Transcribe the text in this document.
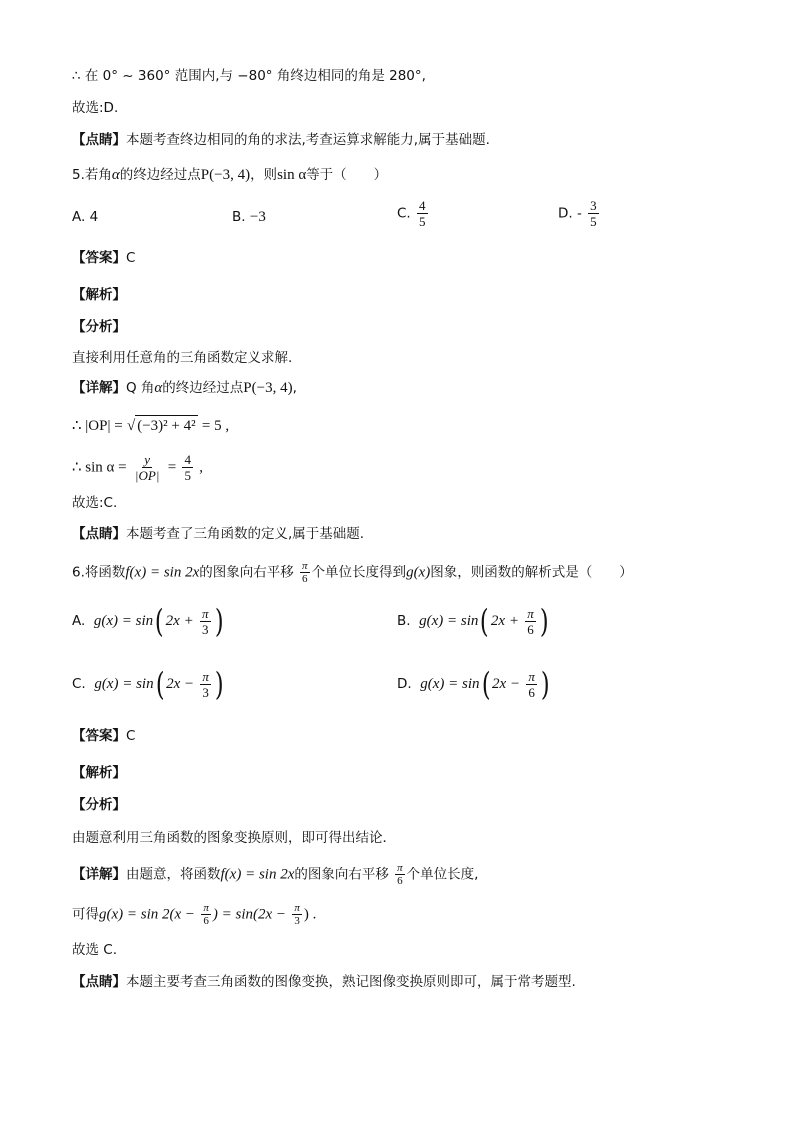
∴ 在 0° ~ 360° 范围内,与 −80° 角终边相同的角是 280°,
故选:D.
【点睛】本题考查终边相同的角的求法,考查运算求解能力,属于基础题.
5.若角α的终边经过点P(−3, 4)，则sin α等于（　　）
A. 4	B. −3	C. $\frac{4}{5}$	D. - $\frac{3}{5}$
【答案】C
【解析】
【分析】
直接利用任意角的三角函数定义求解.
【详解】Q 角α的终边经过点P(−3, 4),
∴ |OP| = √ (−3)² + 4² = 5 ,
∴ $\sin \alpha = \frac{y}{|OP|} = \frac{4}{5}$ ,
故选:C.
【点睛】本题考查了三角函数的定义,属于基础题.
6.将函数f(x) = sin 2x的图象向右平移 $\frac{\pi}{6}$ 个单位长度得到g(x)图象，则函数的解析式是（　　）
A. g(x) = sin( $2x + \frac{\pi}{3}$ )	B. g(x) = sin( $2x + \frac{\pi}{6}$ )
C. g(x) = sin( $2x - \frac{\pi}{3}$ )	D. g(x) = sin( $2x - \frac{\pi}{6}$ )
【答案】C
【解析】
【分析】
由题意利用三角函数的图象变换原则，即可得出结论．
【详解】由题意，将函数f(x) = sin 2x的图象向右平移 $\frac{\pi}{6}$ 个单位长度,
可得$g(x) = \sin 2(x - \frac{\pi}{6}$ ) = $\sin(2x - \frac{\pi}{3}$ ) .
故选 C.
【点睛】本题主要考查三角函数的图像变换，熟记图像变换原则即可，属于常考题型.
